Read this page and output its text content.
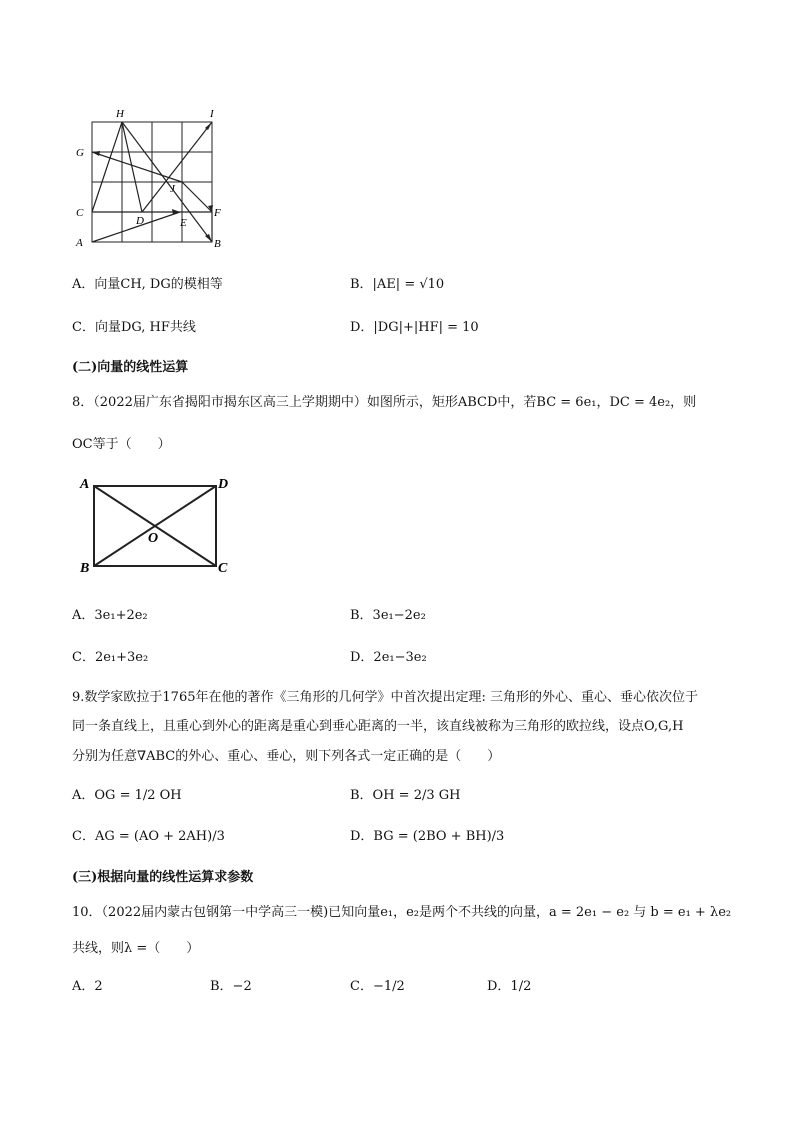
H	I
G
J
C
D	E
F
A	B
A．向量CH, DG的模相等	B．|AE| = √10
C．向量DG, HF共线	D．|DG|+|HF| = 10
(二)向量的线性运算
8．（2022届广东省揭阳市揭东区高三上学期期中）如图所示，矩形ABCD中，若BC = 6e₁，DC = 4e₂，则
OC等于（　　）
A	D
O
B	C
A．3e₁+2e₂	B．3e₁−2e₂
C．2e₁+3e₂	D．2e₁−3e₂
9.数学家欧拉于1765年在他的著作《三角形的几何学》中首次提出定理: 三角形的外心、重心、垂心依次位于
同一条直线上，且重心到外心的距离是重心到垂心距离的一半，该直线被称为三角形的欧拉线，设点O,G,H
分别为任意∇ABC的外心、重心、垂心，则下列各式一定正确的是（　　）
A．OG = 1/2 OH	B．OH = 2/3 GH
C．AG = (AO + 2AH)/3	D．BG = (2BO + BH)/3
(三)根据向量的线性运算求参数
10．（2022届内蒙古包钢第一中学高三一模)已知向量e₁，e₂是两个不共线的向量，a = 2e₁ − e₂ 与 b = e₁ + λe₂
共线，则λ =（　　）
A．2	B．−2	C．−1/2	D．1/2
